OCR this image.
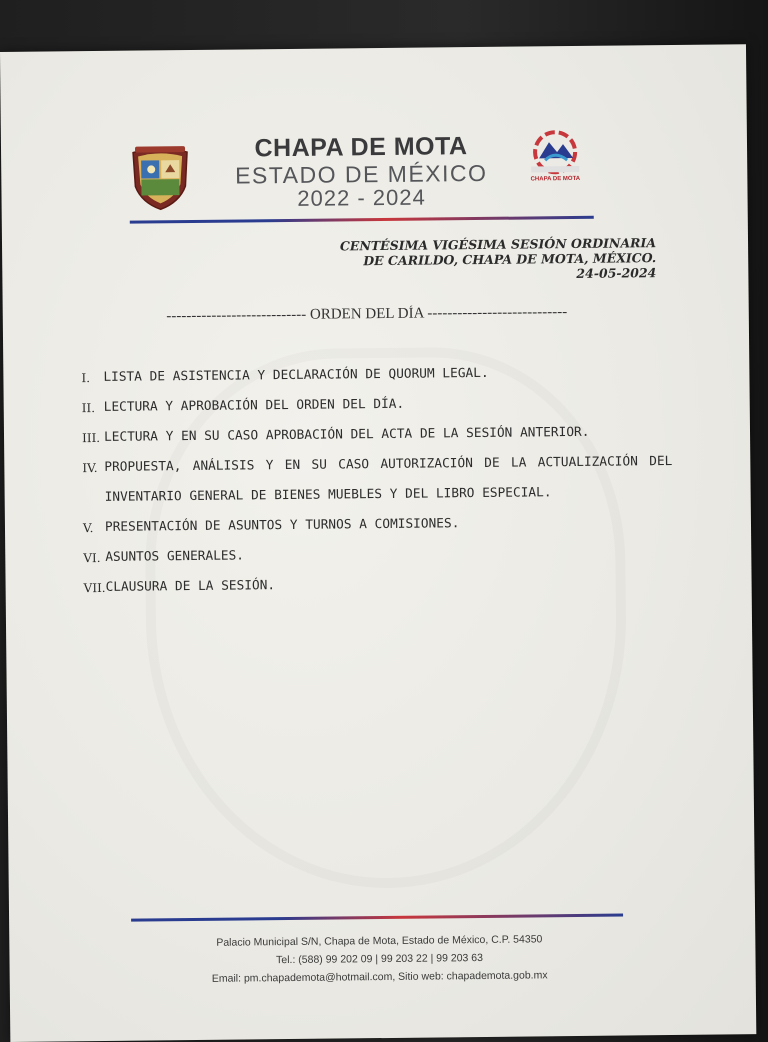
CHAPA DE MOTA
ESTADO DE MÉXICO
2022 - 2024
CHAPA DE MOTA
CENTÉSIMA VIGÉSIMA SESIÓN ORDINARIA
DE CARILDO, CHAPA DE MOTA, MÉXICO.
24-05-2024
---------------------------- ORDEN DEL DÍA ----------------------------
I.	LISTA DE ASISTENCIA Y DECLARACIÓN DE QUORUM LEGAL.
II. LECTURA Y APROBACIÓN DEL ORDEN DEL DÍA.
III. LECTURA Y EN SU CASO APROBACIÓN DEL ACTA DE LA SESIÓN ANTERIOR.
IV. PROPUESTA, ANÁLISIS Y EN SU CASO AUTORIZACIÓN DE LA ACTUALIZACIÓN DEL INVENTARIO GENERAL DE BIENES MUEBLES Y DEL LIBRO ESPECIAL.
V. PRESENTACIÓN DE ASUNTOS Y TURNOS A COMISIONES.
VI. ASUNTOS GENERALES.
VII. CLAUSURA DE LA SESIÓN.
Palacio Municipal S/N, Chapa de Mota, Estado de México, C.P. 54350
Tel.: (588) 99 202 09 | 99 203 22 | 99 203 63
Email: pm.chapademota@hotmail.com, Sitio web: chapademota.gob.mx
